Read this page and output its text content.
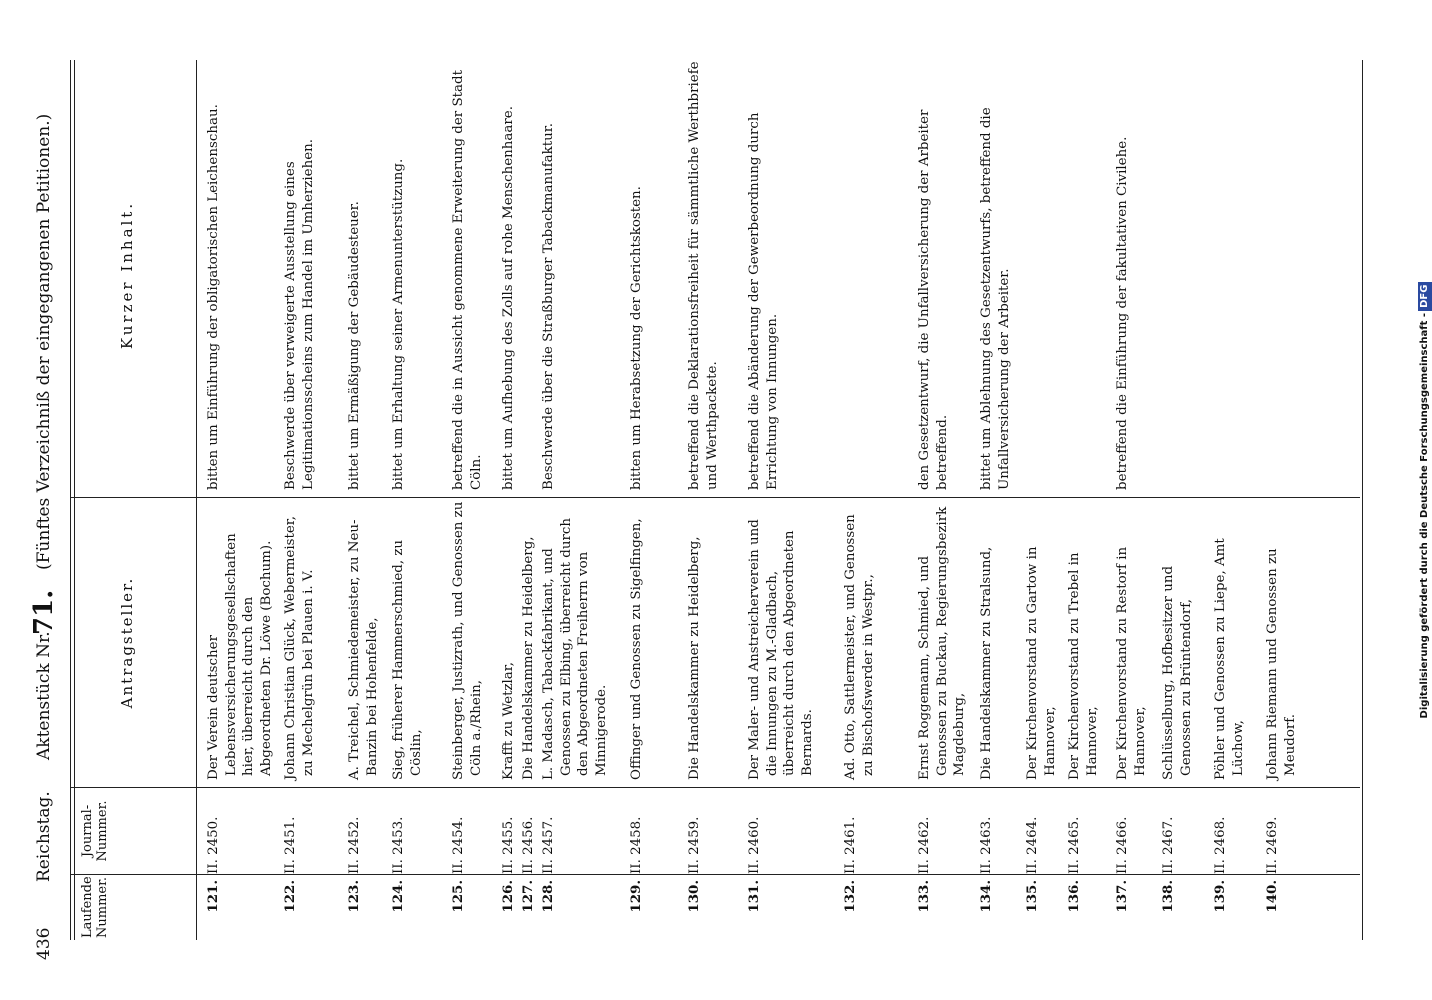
436
Reichstag.
Aktenstück Nr.
71.
(Fünftes Verzeichniß der eingegangenen Petitionen.)
Laufende Nummer.
Journal-Nummer.
Antragsteller.
Kurzer Inhalt.
121.
II. 2450.
Der Verein deutscher Lebensversicherungsgesellschaften hier, überreicht durch den Abgeordneten Dr. Löwe (Bochum).
bitten um Einführung der obligatorischen Leichenschau.
122.
II. 2451.
Johann Christian Glück, Webermeister, zu Mechelgrün bei Plauen i. V.
Beschwerde über verweigerte Ausstellung eines Legitimationsscheins zum Handel im Umherziehen.
123.
II. 2452.
A. Treichel, Schmiedemeister, zu Neu-Banzin bei Hohenfelde,
bittet um Ermäßigung der Gebäudesteuer.
124.
II. 2453.
Sieg, früherer Hammerschmied, zu Cöslin,
bittet um Erhaltung seiner Armenunterstützung.
125.
II. 2454.
Steinberger, Justizrath, und Genossen zu Cöln a./Rhein,
betreffend die in Aussicht genommene Erweiterung der Stadt Cöln.
126.
II. 2455.
Krafft zu Wetzlar,
bittet um Aufhebung des Zolls auf rohe Menschenhaare.
127.
II. 2456.
Die Handelskammer zu Heidelberg,
128.
II. 2457.
L. Madasch, Tabackfabrikant, und Genossen zu Elbing, überreicht durch den Abgeordneten Freiherrn von Minnigerode.
Beschwerde über die Straßburger Tabackmanufaktur.
129.
II. 2458.
Offinger und Genossen zu Sigelfingen,
bitten um Herabsetzung der Gerichtskosten.
130.
II. 2459.
Die Handelskammer zu Heidelberg,
betreffend die Deklarationsfreiheit für sämmtliche Werthbriefe und Werthpackete.
131.
II. 2460.
Der Maler- und Anstreicherverein und die Innungen zu M.-Gladbach, überreicht durch den Abgeordneten Bernards.
betreffend die Abänderung der Gewerbeordnung durch Errichtung von Innungen.
132.
II. 2461.
Ad. Otto, Sattlermeister, und Genossen zu Bischofswerder in Westpr.,
133.
II. 2462.
Ernst Roggemann, Schmied, und Genossen zu Buckau, Regierungsbezirk Magdeburg,
den Gesetzentwurf, die Unfallversicherung der Arbeiter betreffend.
134.
II. 2463.
Die Handelskammer zu Stralsund,
bittet um Ablehnung des Gesetzentwurfs, betreffend die Unfallversicherung der Arbeiter.
135.
II. 2464.
Der Kirchenvorstand zu Gartow in Hannover,
136.
II. 2465.
Der Kirchenvorstand zu Trebel in Hannover,
137.
II. 2466.
Der Kirchenvorstand zu Restorf in Hannover,
betreffend die Einführung der fakultativen Civilehe.
138.
II. 2467.
Schlüsselburg, Hofbesitzer und Genossen zu Brüntendorf,
139.
II. 2468.
Pöhler und Genossen zu Liepe, Amt Lüchow,
140.
II. 2469.
Johann Riemann und Genossen zu Meudorf.
Digitalisierung gefördert durch die Deutsche Forschungsgemeinschaft -DFG
